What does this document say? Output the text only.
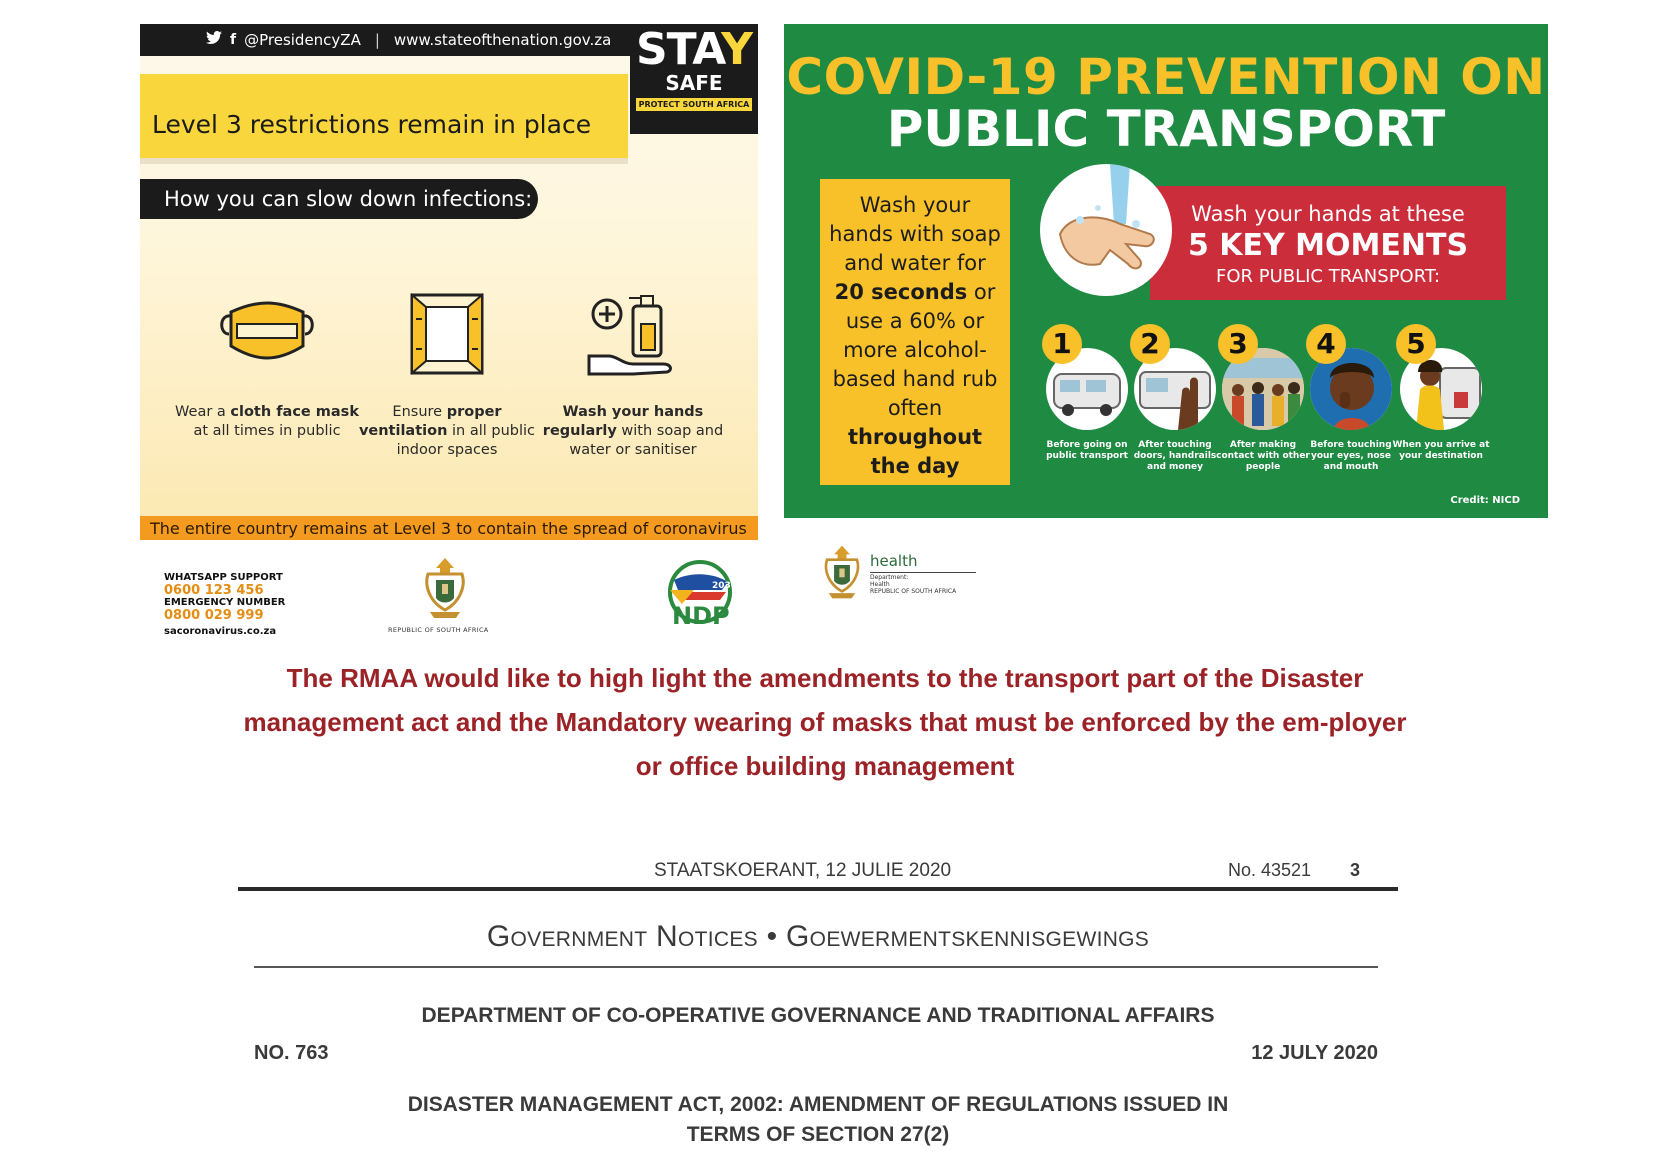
f @PresidencyZA | www.stateofthenation.gov.za
Level 3 restrictions remain in place
STAY
SAFE
PROTECT SOUTH AFRICA
How you can slow down infections:
Wear a cloth face mask at all times in public
Ensure proper ventilation in all public indoor spaces
Wash your hands regularly with soap and water or sanitiser
The entire country remains at Level 3 to contain the spread of coronavirus
WHATSAPP SUPPORT
0600 123 456
EMERGENCY NUMBER
0800 029 999
sacoronavirus.co.za	REPUBLIC OF SOUTH AFRICA
2030
NDP
health
Department:
Health
REPUBLIC OF SOUTH AFRICA
COVID-19 PREVENTION ON
PUBLIC TRANSPORT
Wash your hands with soap and water for 20 seconds or use a 60% or more alcohol-based hand rub often throughout the day
Wash your hands at these
5 KEY MOMENTS
FOR PUBLIC TRANSPORT:
1
Before going on public transport
2
After touching doors, handrails and money
3
After making contact with other people
4
Before touching your eyes, nose and mouth
5
When you arrive at your destination
Credit: NICD
The RMAA would like to high light the amendments to the transport part of the Disaster management act and the Mandatory wearing of masks that must be enforced by the em-ployer or office building management
STAATSKOERANT, 12 JULIE 2020	No. 43521 3
Government Notices • Goewermentskennisgewings
DEPARTMENT OF CO-OPERATIVE GOVERNANCE AND TRADITIONAL AFFAIRS
NO. 763	12 JULY 2020
DISASTER MANAGEMENT ACT, 2002: AMENDMENT OF REGULATIONS ISSUED IN
TERMS OF SECTION 27(2)
